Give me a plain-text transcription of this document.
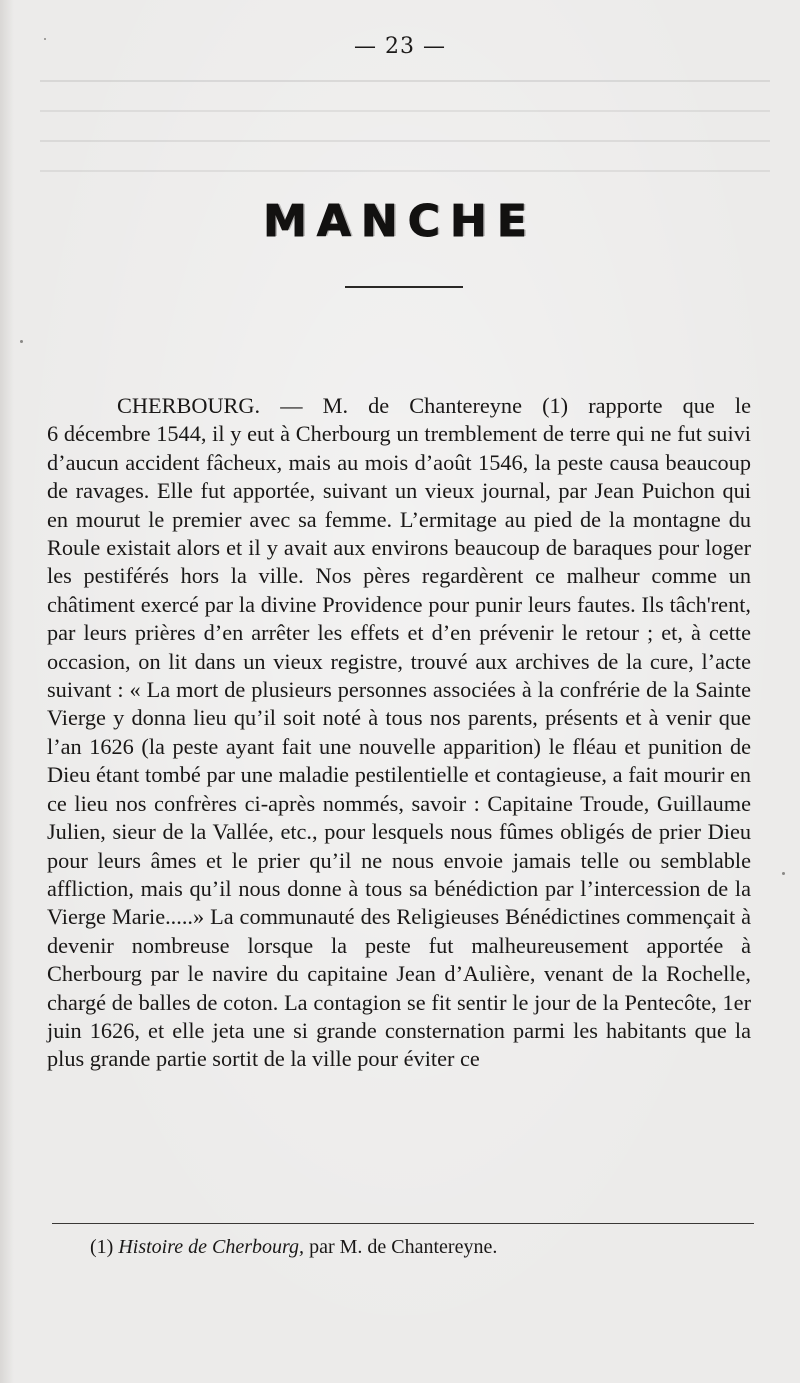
— 23 —
MANCHE

CHERBOURG. — M. de Chantereyne (1) rapporte que le
6 décembre 1544, il y eut à Cherbourg un tremblement de terre qui ne fut suivi d’aucun accident fâcheux, mais au mois d’août 1546, la peste causa beaucoup de ravages. Elle fut apportée, suivant un vieux journal, par Jean Puichon qui en mourut le premier avec sa femme. L’ermitage au pied de la montagne du Roule existait alors et il y avait aux environs beaucoup de baraques pour loger les pestiférés hors la ville. Nos pères regardèrent ce malheur comme un châtiment exercé par la divine Providence pour punir leurs fautes. Ils tâch'rent, par leurs prières d’en arrêter les effets et d’en prévenir le retour ; et, à cette occasion, on lit dans un vieux registre, trouvé aux archives de la cure, l’acte suivant : « La mort de plusieurs personnes associées à la confrérie de la Sainte Vierge y donna lieu qu’il soit noté à tous nos parents, présents et à venir que l’an 1626 (la peste ayant fait une nouvelle apparition) le fléau et punition de Dieu étant tombé par une maladie pestilentielle et contagieuse, a fait mourir en ce lieu nos confrères ci-après nommés, savoir : Capitaine Troude, Guillaume Julien, sieur de la Vallée, etc., pour lesquels nous fûmes obligés de prier Dieu pour leurs âmes et le prier qu’il ne nous envoie jamais telle ou semblable affliction, mais qu’il nous donne à tous sa bénédiction par l’intercession de la Vierge Marie.....» La communauté des Religieuses Bénédictines commençait à devenir nombreuse lorsque la peste fut malheureusement apportée à Cherbourg par le navire du capitaine Jean d’Aulière, venant de la Rochelle, chargé de balles de coton. La contagion se fit sentir le jour de la Pentecôte, 1er juin 1626, et elle jeta une si grande consternation parmi les habitants que la plus grande partie sortit de la ville pour éviter ce

(1) Histoire de Cherbourg, par M. de Chantereyne.
